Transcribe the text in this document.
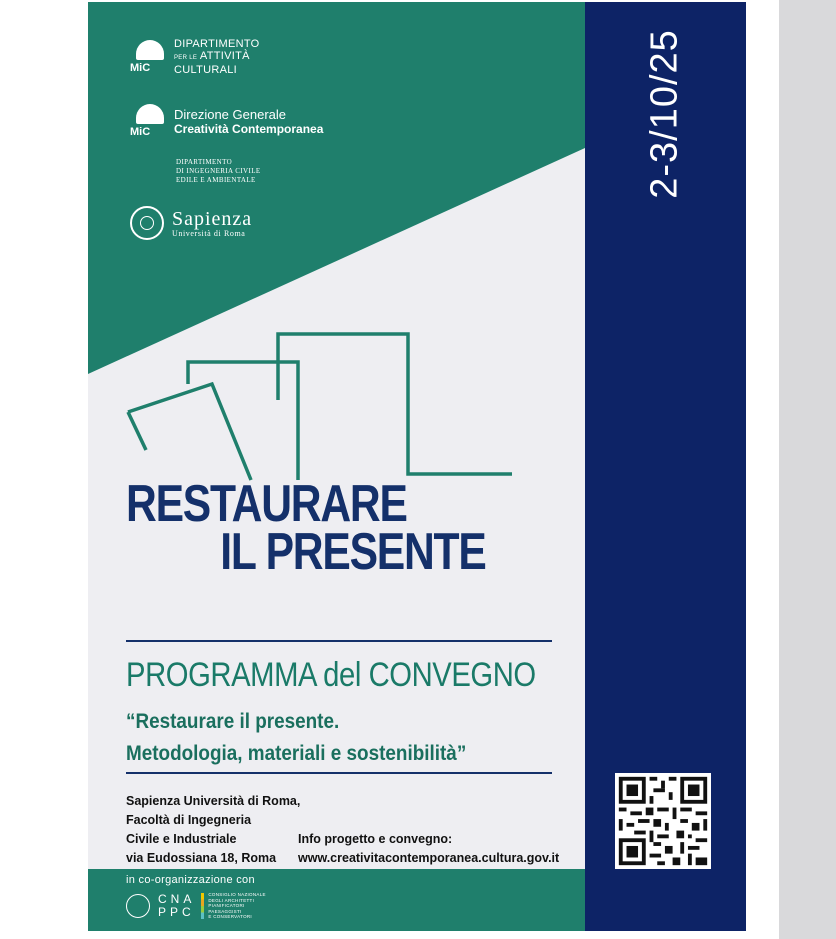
2-3/10/25
MiC
DIPARTIMENTO
PER LE ATTIVITÀ
CULTURALI
MiC
Direzione Generale
Creatività Contemporanea
DIPARTIMENTO
DI INGEGNERIA CIVILE
EDILE E AMBIENTALE
Sapienza
Università di Roma
RESTAURARE
IL PRESENTE
PROGRAMMA del CONVEGNO
“Restaurare il presente.
Metodologia, materiali e sostenibilità”
Sapienza Università di Roma,
Facoltà di Ingegneria
Civile e Industriale
via Eudossiana 18, Roma
Info progetto e convegno:
www.creativitacontemporanea.cultura.gov.it
in co-organizzazione con
CNA
PPC
CONSIGLIO NAZIONALE
DEGLI ARCHITETTI
PIANIFICATORI
PAESAGGISTI
E CONSERVATORI
